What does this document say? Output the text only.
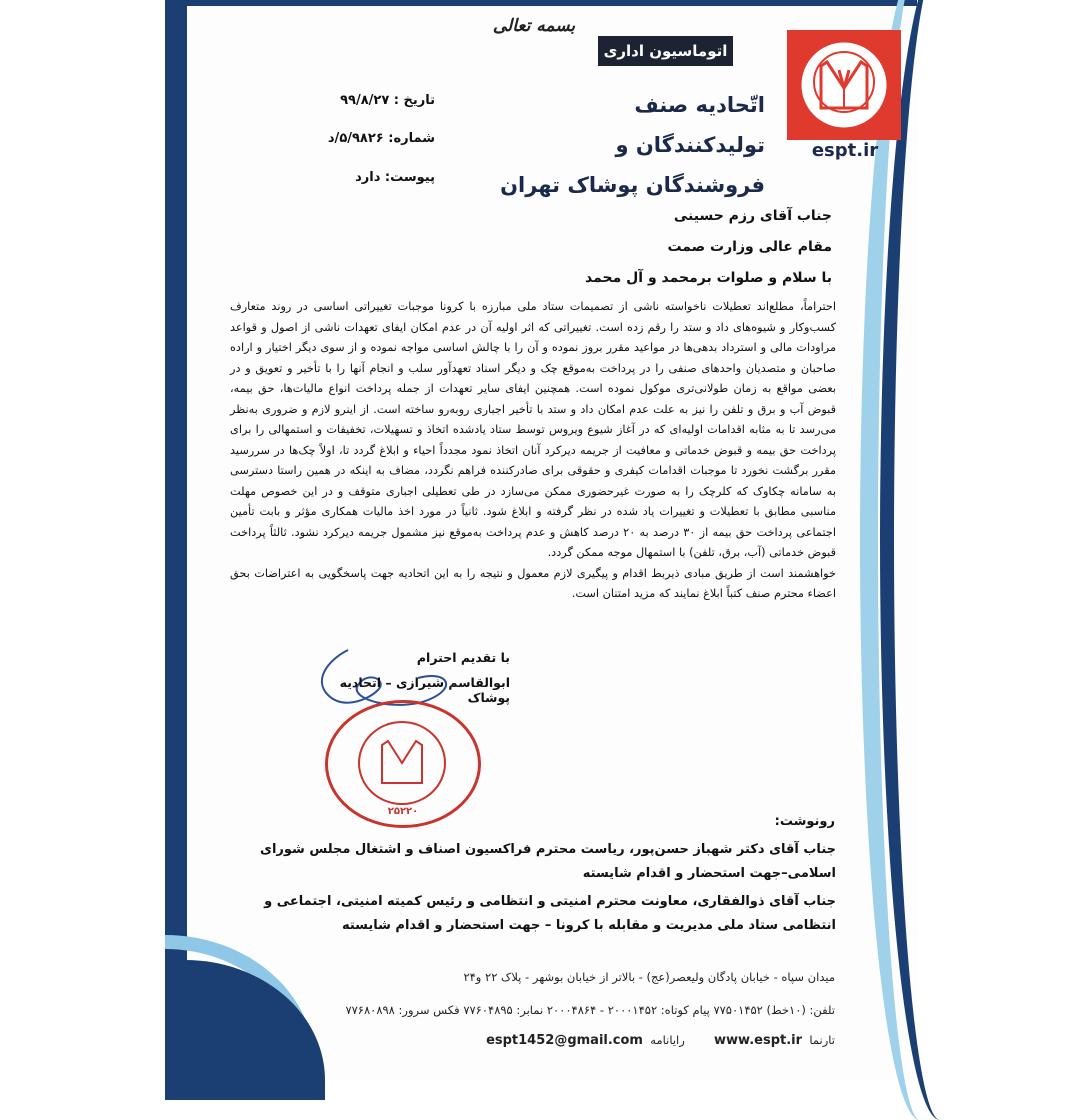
espt.ir
بسمه تعالی
اتوماسیون اداری
اتّحادیه صنف تولیدکنندگان و
فروشندگان پوشاک تهران
تاریخ : ۹۹/۸/۲۷
شماره: ۵/۹۸۲۶/د
پیوست: دارد
جناب آقای رزم حسینی
مقام عالی وزارت صمت
با سلام و صلوات برمحمد و آل محمد

احتراماً، مطلع‌اند تعطیلات ناخواسته ناشی از تصمیمات ستاد ملی مبارزه با کرونا موجبات تغییراتی اساسی در روند متعارف کسب‌وکار و شیوه‌های داد و ستد را رقم زده است. تغییراتی که اثر اولیه آن در عدم امکان ایفای تعهدات ناشی از اصول و قواعد مراودات مالی و استرداد بدهی‌ها در مواعید مقرر بروز نموده و آن را با چالش اساسی مواجه نموده و از سوی دیگر اختیار و اراده صاحبان و متصدیان واحدهای صنفی را در پرداخت به‌موقع چک و دیگر اسناد تعهدآور سلب و انجام آنها را با تأخیر و تعویق و در بعضی مواقع به زمان طولانی‌تری موکول نموده است. همچنین ایفای سایر تعهدات از جمله پرداخت انواع مالیات‌ها، حق بیمه، قبوض آب و برق و تلفن را نیز به علت عدم امکان داد و ستد با تأخیر اجباری روبه‌رو ساخته است. از اینرو لازم و ضروری به‌نظر می‌رسد تا به مثابه اقدامات اولیه‌ای که در آغاز شیوع ویروس توسط ستاد یادشده اتخاذ و تسهیلات، تخفیفات و استمهالی را برای پرداخت حق بیمه و قبوض خدماتی و معافیت از جریمه دیرکرد آنان اتخاذ نمود مجدداً احیاء و ابلاغ گردد تا، اولاً چک‌ها در سررسید مقرر برگشت نخورد تا موجبات اقدامات کیفری و حقوقی برای صادرکننده فراهم نگردد، مضاف به اینکه در همین راستا دسترسی به سامانه چکاوک که کلرچک را به صورت غیرحضوری ممکن می‌سازد در طی تعطیلی اجباری متوقف و در این خصوص مهلت مناسبی مطابق با تعطیلات و تغییرات یاد شده در نظر گرفته و ابلاغ شود. ثانیاً در مورد اخذ مالیات همکاری مؤثر و بابت تأمین اجتماعی پرداخت حق بیمه از ۳۰ درصد به ۲۰ درصد کاهش و عدم پرداخت به‌موقع نیز مشمول جریمه دیرکرد نشود. ثالثاً پرداخت قبوض خدماتی (آب، برق، تلفن) با استمهال موجه ممکن گردد.

خواهشمند است از طریق مبادی ذیربط اقدام و پیگیری لازم معمول و نتیجه را به این اتحادیه جهت پاسخگویی به اعتراضات بحق اعضاء محترم صنف کتباً ابلاغ نمایند که مزید امتنان است.

با تقدیم احترام
ابوالقاسم شیرازی – اتحادیه پوشاک
۲۵۲۲۰
رونوشت:
جناب آقای دکتر شهباز حسن‌پور، ریاست محترم فراکسیون اصناف و اشتغال مجلس شورای اسلامی–جهت استحضار و اقدام شایسته
جناب آقای ذوالفقاری، معاونت محترم امنیتی و انتظامی و رئیس کمیته امنیتی، اجتماعی و انتظامی ستاد ملی مدیریت و مقابله با کرونا – جهت استحضار و اقدام شایسته
میدان سپاه - خیابان پادگان ولیعصر(عج) - بالاتر از خیابان بوشهر - پلاک ۲۲ و۲۴
تلفن: (۱۰خط) ۷۷۵۰۱۴۵۲ پیام کوتاه: ۲۰۰۰۱۴۵۲ - ۲۰۰۰۴۸۶۴ نمابر: ۷۷۶۰۴۸۹۵ فکس سرور: ۷۷۶۸۰۸۹۸
تارنما  www.espt.ir        رایانامه  espt1452@gmail.com
